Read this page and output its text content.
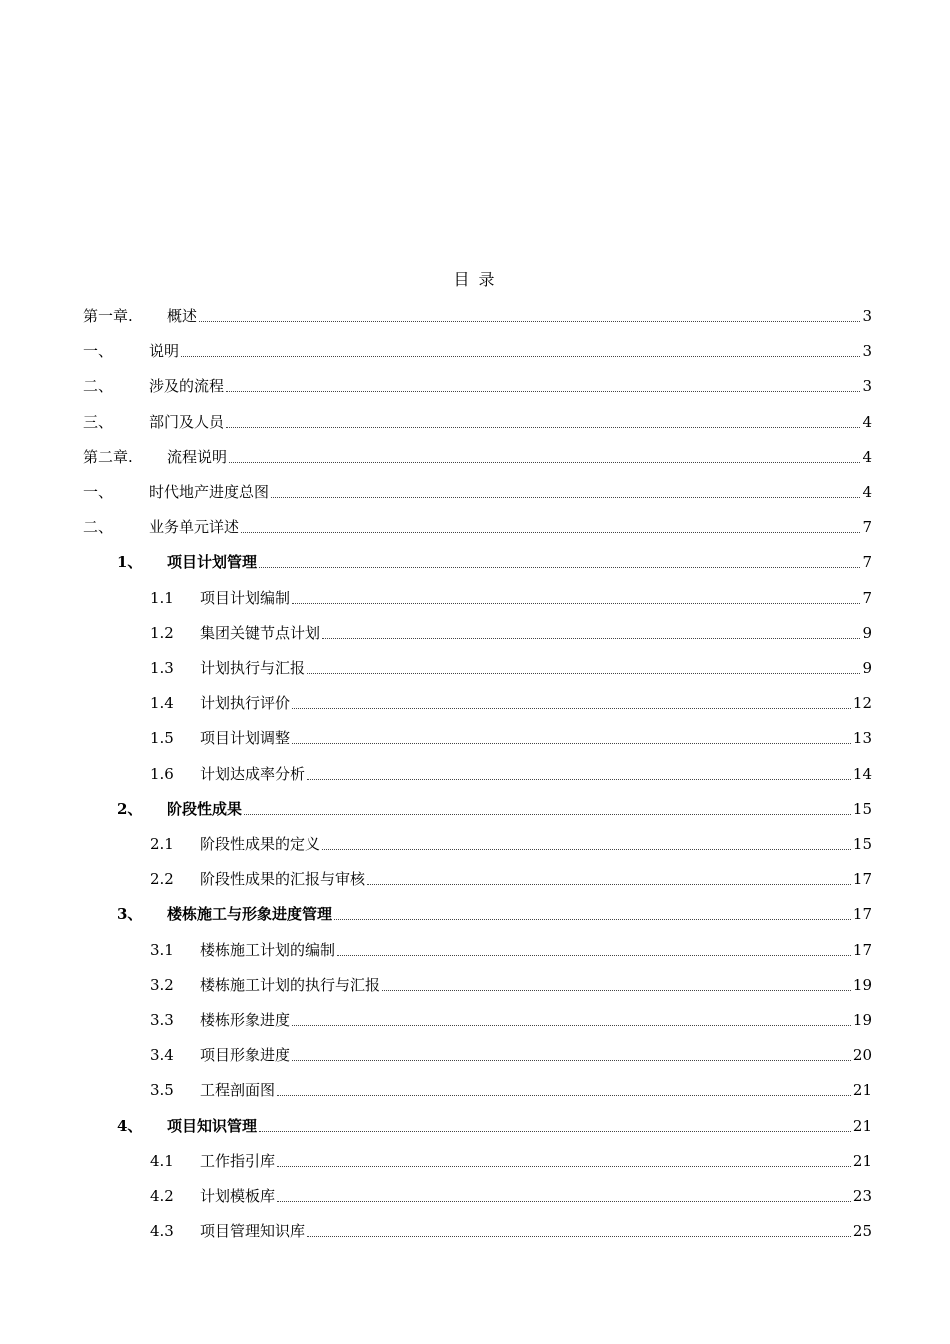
目 录
第一章.	概述	3
一、	说明	3
二、	涉及的流程	3
三、	部门及人员	4
第二章.	流程说明	4
一、	时代地产进度总图	4
二、	业务单元详述	7
1、	项目计划管理	7
1.1	项目计划编制	7
1.2	集团关键节点计划	9
1.3	计划执行与汇报	9
1.4	计划执行评价	12
1.5	项目计划调整	13
1.6	计划达成率分析	14
2、	阶段性成果	15
2.1	阶段性成果的定义	15
2.2	阶段性成果的汇报与审核	17
3、	楼栋施工与形象进度管理	17
3.1	楼栋施工计划的编制	17
3.2	楼栋施工计划的执行与汇报	19
3.3	楼栋形象进度	19
3.4	项目形象进度	20
3.5	工程剖面图	21
4、	项目知识管理	21
4.1	工作指引库	21
4.2	计划模板库	23
4.3	项目管理知识库	25
